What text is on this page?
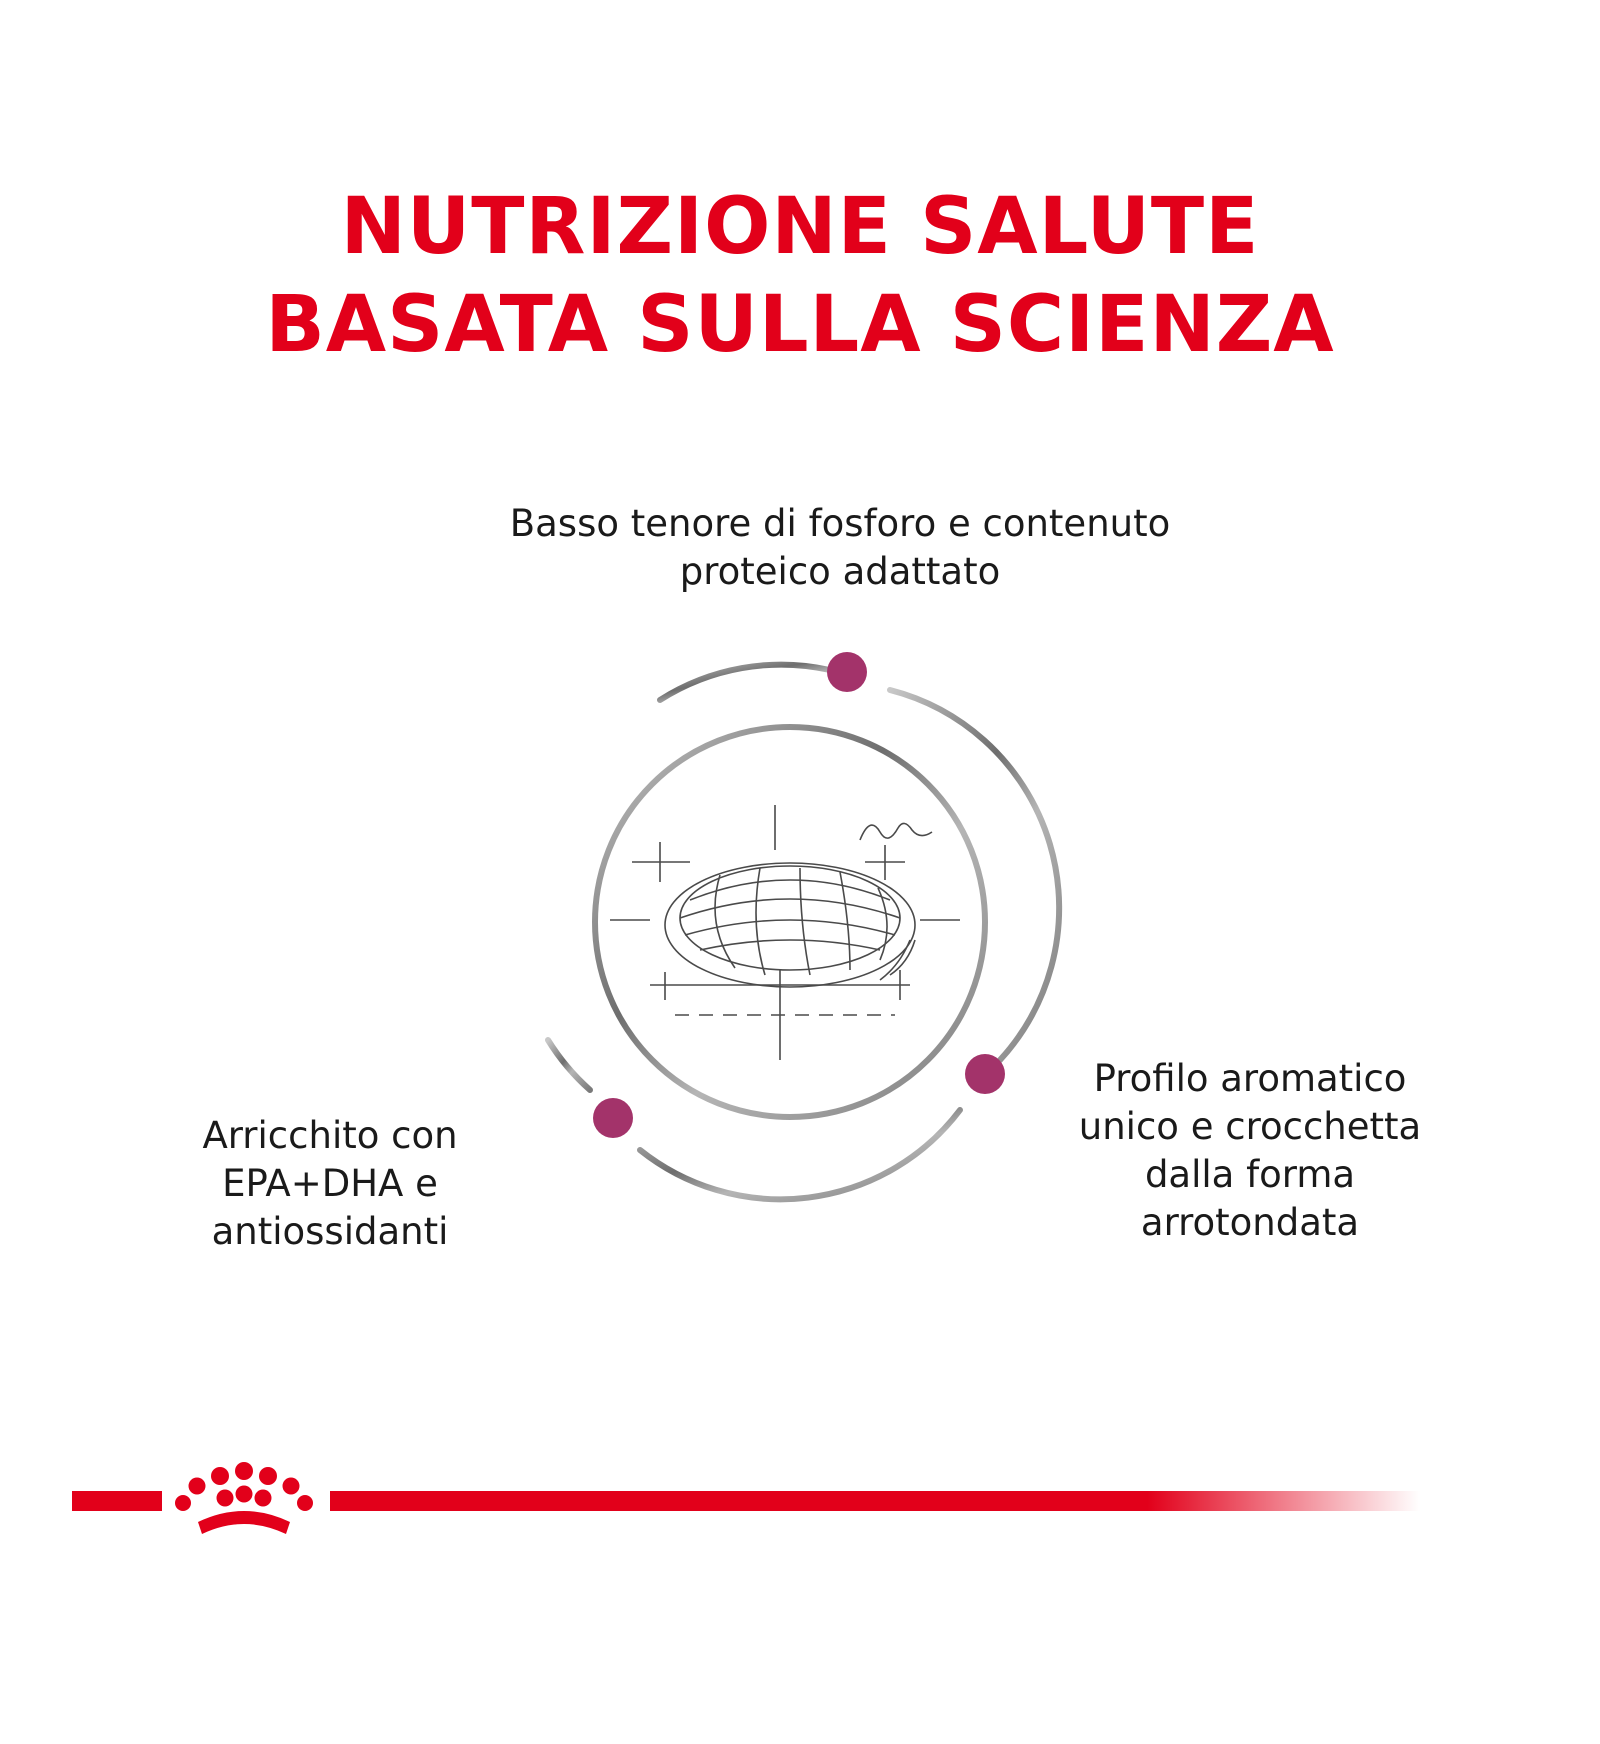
NUTRIZIONE SALUTE
BASATA SULLA SCIENZA
Basso tenore di fosforo e contenuto
proteico adattato
Arricchito con
EPA+DHA e
antiossidanti
Profilo aromatico
unico e crocchetta
dalla forma
arrotondata
